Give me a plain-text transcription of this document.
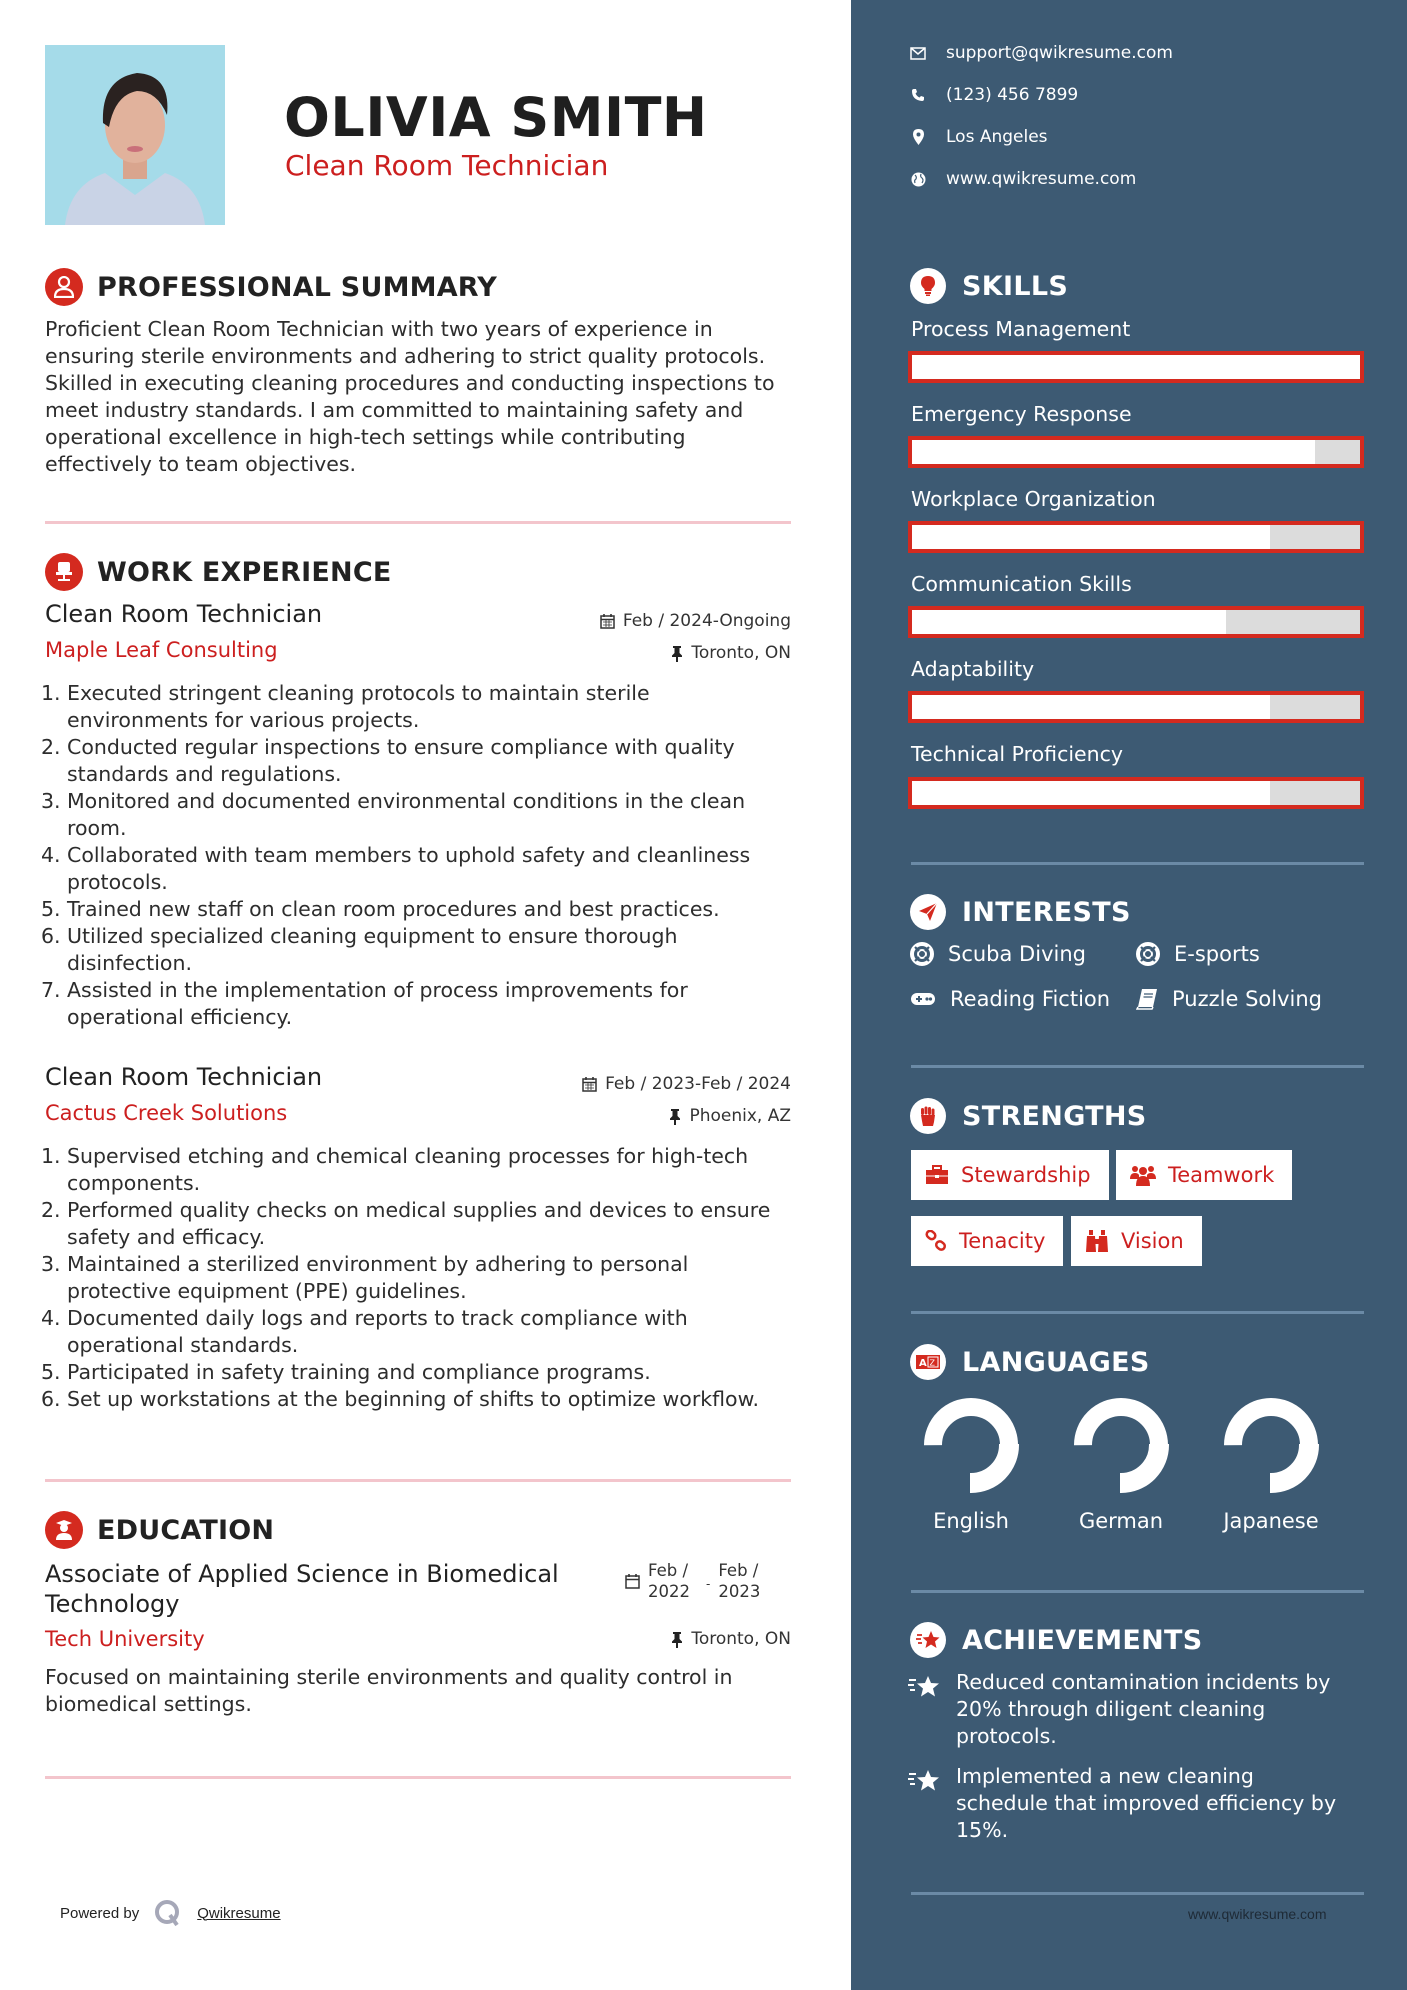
OLIVIA SMITH
Clean Room Technician
PROFESSIONAL SUMMARY

Proficient Clean Room Technician with two years of experience in ensuring sterile environments and adhering to strict quality protocols. Skilled in executing cleaning procedures and conducting inspections to meet industry standards. I am committed to maintaining safety and operational excellence in high-tech settings while contributing effectively to team objectives.

WORK EXPERIENCE
Clean Room Technician	Feb / 2024-Ongoing
Maple Leaf Consulting	Toronto, ON
1. Executed stringent cleaning protocols to maintain sterile environments for various projects.
2. Conducted regular inspections to ensure compliance with quality standards and regulations.
3. Monitored and documented environmental conditions in the clean room.
4. Collaborated with team members to uphold safety and cleanliness protocols.
5. Trained new staff on clean room procedures and best practices.
6. Utilized specialized cleaning equipment to ensure thorough disinfection.
7. Assisted in the implementation of process improvements for operational efficiency.
Clean Room Technician	Feb / 2023-Feb / 2024
Cactus Creek Solutions	Phoenix, AZ
1. Supervised etching and chemical cleaning processes for high-tech components.
2. Performed quality checks on medical supplies and devices to ensure safety and efficacy.
3. Maintained a sterilized environment by adhering to personal protective equipment (PPE) guidelines.
4. Documented daily logs and reports to track compliance with operational standards.
5. Participated in safety training and compliance programs.
6. Set up workstations at the beginning of shifts to optimize workflow.
EDUCATION
Associate of Applied Science in Biomedical Technology
Feb / 2022	-
Feb / 2023
Tech University	Toronto, ON

Focused on maintaining sterile environments and quality control in biomedical settings.

Powered by	Qwikresume
support@qwikresume.com
(123) 456 7899
Los Angeles
www.qwikresume.com
SKILLS
Process Management
Emergency Response
Workplace Organization
Communication Skills
Adaptability
Technical Proficiency
INTERESTS
Scuba Diving	E-sports
Reading Fiction	Puzzle Solving
STRENGTHS
Stewardship	Teamwork
Tenacity	Vision
A Z LANGUAGES
English	German	Japanese
ACHIEVEMENTS
Reduced contamination incidents by 20% through diligent cleaning protocols.
Implemented a new cleaning schedule that improved efficiency by 15%.
www.qwikresume.com
